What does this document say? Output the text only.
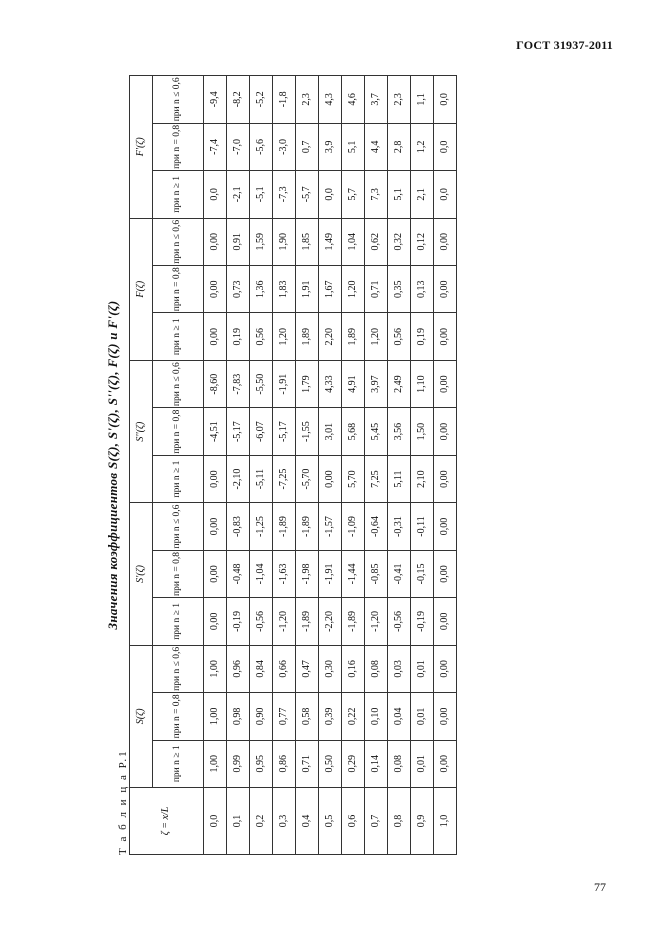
ГОСТ 31937-2011
Т а б л и ц а Р.1
Значения коэффициентов S(ζ), S'(ζ), S''(ζ), F(ζ) и F'(ζ)
ζ = x/L	S(ζ)			S'(ζ)			S''(ζ)			F(ζ)			F'(ζ)		
	при n ≥ 1	при n = 0,8	при n ≤ 0,6	при n ≥ 1	при n = 0,8	при n ≤ 0,6	при n ≥ 1	при n = 0,8	при n ≤ 0,6	при n ≥ 1	при n = 0,8	при n ≤ 0,6	при n ≥ 1	при n = 0,8	при n ≤ 0,6
0,0	1,00	1,00	1,00	0,00	0,00	0,00	0,00	-4,51	-8,60	0,00	0,00	0,00	0,0	-7,4	-9,4
0,1	0,99	0,98	0,96	-0,19	-0,48	-0,83	-2,10	-5,17	-7,83	0,19	0,73	0,91	-2,1	-7,0	-8,2
0,2	0,95	0,90	0,84	-0,56	-1,04	-1,25	-5,11	-6,07	-5,50	0,56	1,36	1,59	-5,1	-5,6	-5,2
0,3	0,86	0,77	0,66	-1,20	-1,63	-1,89	-7,25	-5,17	-1,91	1,20	1,83	1,90	-7,3	-3,0	-1,8
0,4	0,71	0,58	0,47	-1,89	-1,98	-1,89	-5,70	-1,55	1,79	1,89	1,91	1,85	-5,7	0,7	2,3
0,5	0,50	0,39	0,30	-2,20	-1,91	-1,57	0,00	3,01	4,33	2,20	1,67	1,49	0,0	3,9	4,3
0,6	0,29	0,22	0,16	-1,89	-1,44	-1,09	5,70	5,68	4,91	1,89	1,20	1,04	5,7	5,1	4,6
0,7	0,14	0,10	0,08	-1,20	-0,85	-0,64	7,25	5,45	3,97	1,20	0,71	0,62	7,3	4,4	3,7
0,8	0,08	0,04	0,03	-0,56	-0,41	-0,31	5,11	3,56	2,49	0,56	0,35	0,32	5,1	2,8	2,3
0,9	0,01	0,01	0,01	-0,19	-0,15	-0,11	2,10	1,50	1,10	0,19	0,13	0,12	2,1	1,2	1,1
1,0	0,00	0,00	0,00	0,00	0,00	0,00	0,00	0,00	0,00	0,00	0,00	0,00	0,0	0,0	0,0
77
